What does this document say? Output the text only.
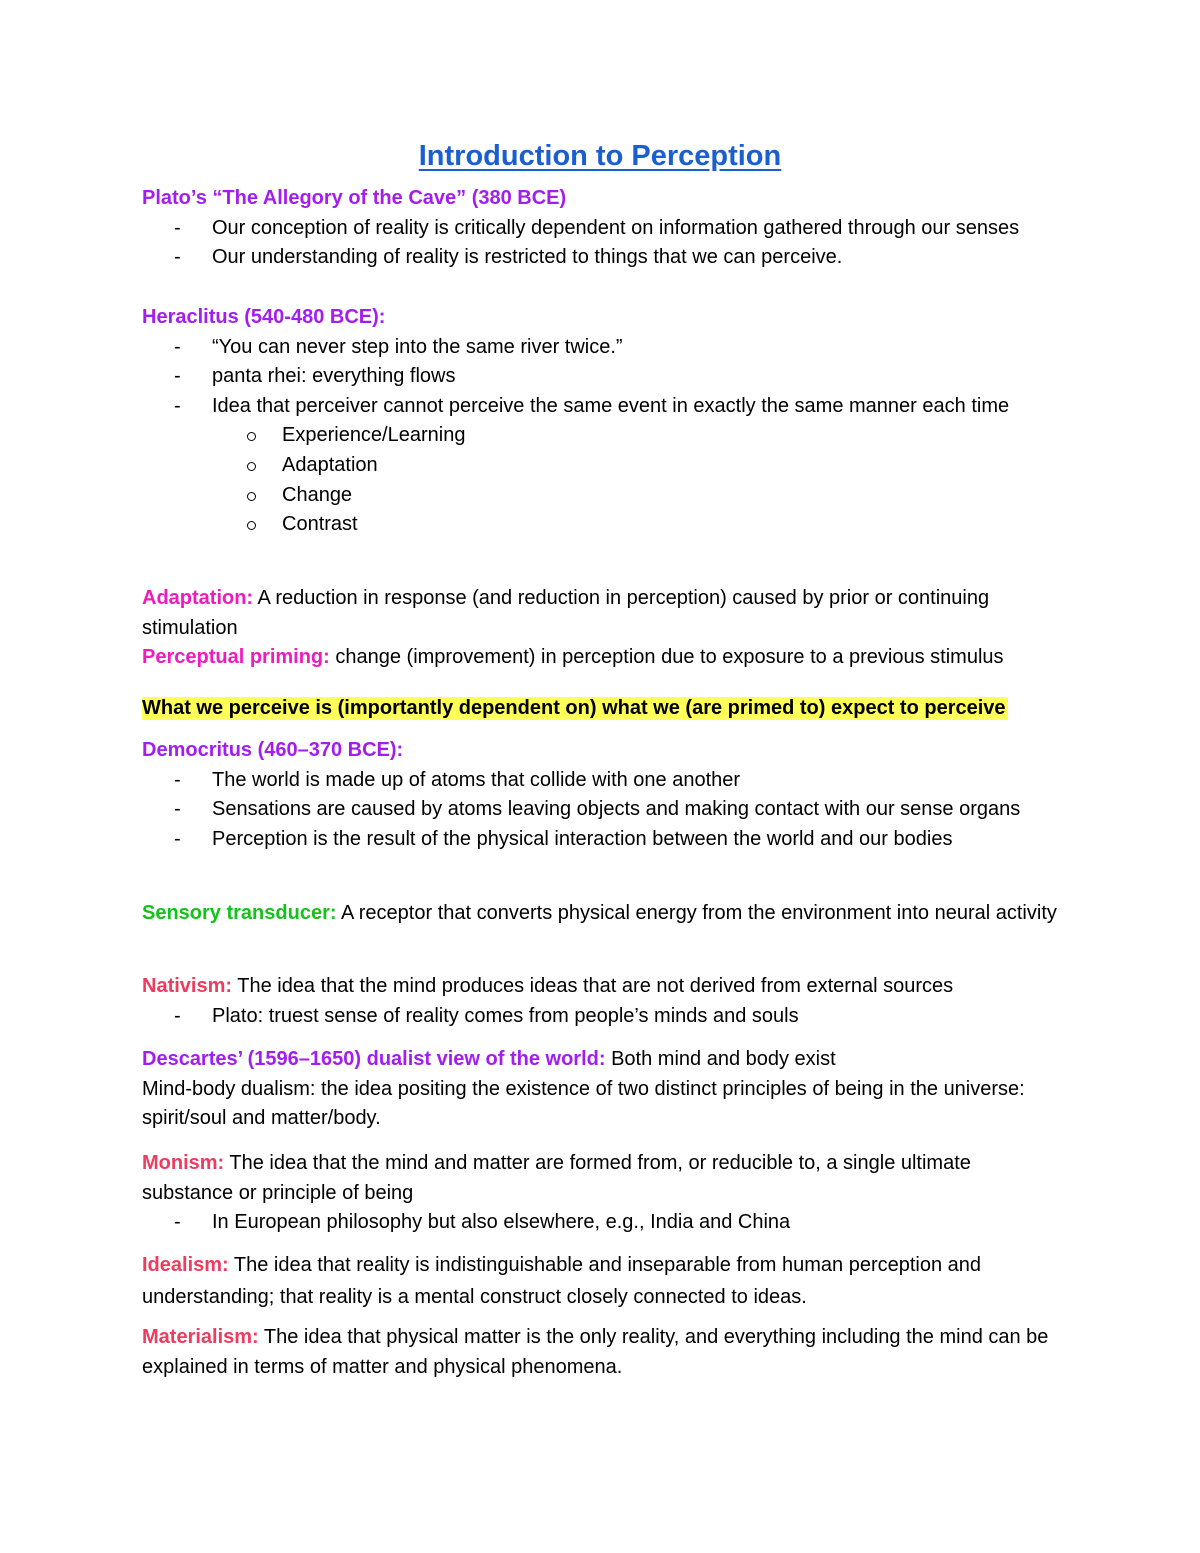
Introduction to Perception
Plato’s “The Allegory of the Cave” (380 BCE)
- Our conception of reality is critically dependent on information gathered through our senses
- Our understanding of reality is restricted to things that we can perceive.
Heraclitus (540-480 BCE):
- “You can never step into the same river twice.”
- panta rhei: everything flows
- Idea that perceiver cannot perceive the same event in exactly the same manner each time
Experience/Learning
Adaptation
Change
Contrast
Adaptation: A reduction in response (and reduction in perception) caused by prior or continuing stimulation
Perceptual priming: change (improvement) in perception due to exposure to a previous stimulus
What we perceive is (importantly dependent on) what we (are primed to) expect to perceive
Democritus (460–370 BCE):
- The world is made up of atoms that collide with one another
- Sensations are caused by atoms leaving objects and making contact with our sense organs
- Perception is the result of the physical interaction between the world and our bodies
Sensory transducer: A receptor that converts physical energy from the environment into neural activity
Nativism: The idea that the mind produces ideas that are not derived from external sources
- Plato: truest sense of reality comes from people’s minds and souls
Descartes’ (1596–1650) dualist view of the world: Both mind and body exist
Mind-body dualism: the idea positing the existence of two distinct principles of being in the universe: spirit/soul and matter/body.
Monism: The idea that the mind and matter are formed from, or reducible to, a single ultimate substance or principle of being
- In European philosophy but also elsewhere, e.g., India and China
Idealism: The idea that reality is indistinguishable and inseparable from human perception and understanding; that reality is a mental construct closely connected to ideas.
Materialism: The idea that physical matter is the only reality, and everything including the mind can be explained in terms of matter and physical phenomena.
